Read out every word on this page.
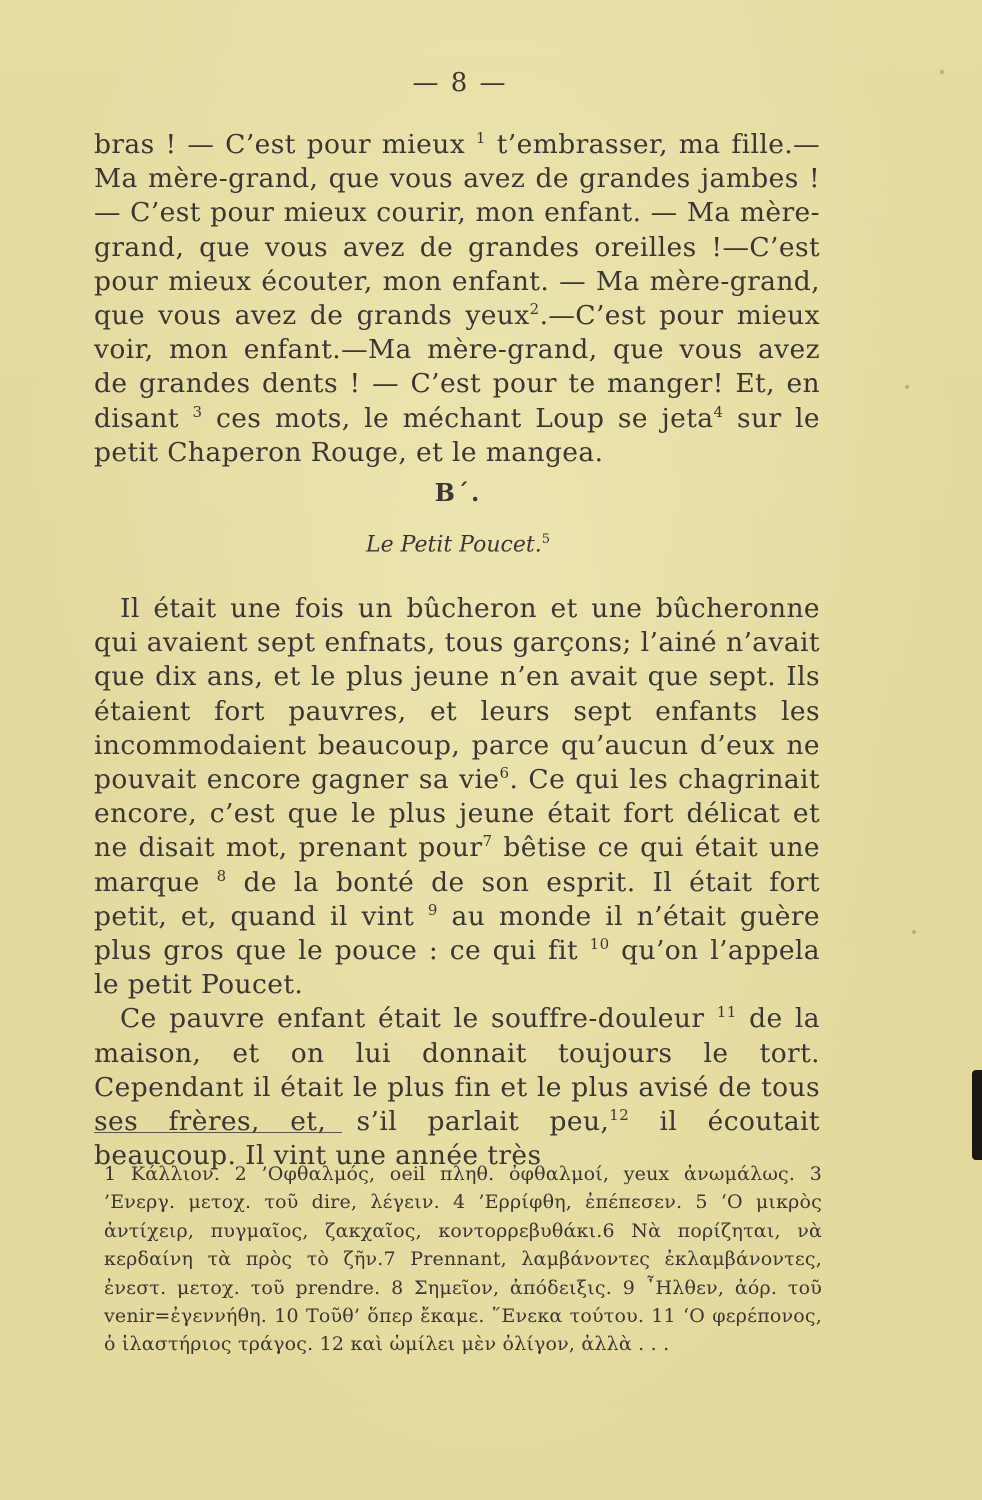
— 8 —

bras ! — C’est pour mieux $^1$ t’embrasser, ma fille.—Ma mère-grand, que vous avez de grandes jambes ! — C’est pour mieux courir, mon enfant. — Ma mère-grand, que vous avez de grandes oreilles !—C’est pour mieux écouter, mon enfant. — Ma mère-grand, que vous avez de grands yeux$^2$.—C’est pour mieux voir, mon enfant.—Ma mère-grand, que vous avez de grandes dents ! — C’est pour te manger! Et, en disant $^3$ ces mots, le méchant Loup se jeta$^4$ sur le petit Chaperon Rouge, et le mangea.

Β΄.
Le Petit Poucet.$^5$

Il était une fois un bûcheron et une bûcheronne qui avaient sept enfnats, tous garçons; l’ainé n’avait que dix ans, et le plus jeune n’en avait que sept. Ils étaient fort pauvres, et leurs sept enfants les incommodaient beaucoup, parce qu’aucun d’eux ne pouvait encore gagner sa vie$^6$. Ce qui les chagrinait encore, c’est que le plus jeune était fort délicat et ne disait mot, prenant pour$^7$ bêtise ce qui était une marque $^8$ de la bonté de son esprit. Il était fort petit, et, quand il vint $^9$ au monde il n’était guère plus gros que le pouce : ce qui fit $^{10}$ qu’on l’appela le petit Poucet.

Ce pauvre enfant était le souffre-douleur $^{11}$ de la maison, et on lui donnait toujours le tort. Cependant il était le plus fin et le plus avisé de tous ses frères, et, s’il parlait peu,$^{12}$ il écoutait beaucoup. Il vint une année très

1 Κάλλιον. 2 ’Οφθαλμός, oeil πληθ. ὀφθαλμοί, yeux ἀνωμάλως. 3 ’Ενεργ. μετοχ. τοῦ dire, λέγειν. 4 ’Ερρίφθη, ἐπέπεσεν. 5 ‘Ο μικρὸς ἀντίχειρ, πυγμαῖος, ζακχαῖος, κοντορρεβυθάκι.6 Νὰ πορίζηται, νὰ κερδαίνη τὰ πρὸς τὸ ζῆν.7 Prennant, λαμβάνοντες ἐκλαμβάνοντες, ἐνεστ. μετοχ. τοῦ prendre. 8 Σημεῖον, ἀπόδειξις. 9 ῏Ηλθεν, ἀόρ. τοῦ venir=ἐγεννήθη. 10 Τοῦθ’ ὅπερ ἔκαμε. ῞Ενεκα τούτου. 11 ‘Ο φερέπονος, ὁ ἱλαστήριος τράγος. 12 καὶ ὡμίλει μὲν ὀλίγον, ἀλλὰ . . .
